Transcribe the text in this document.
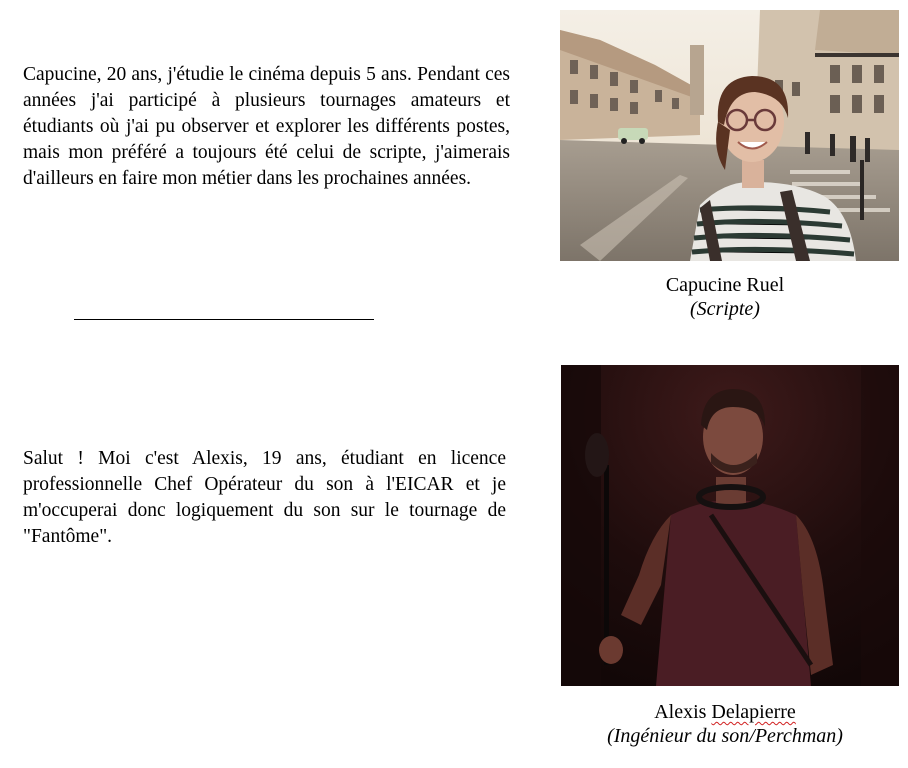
Capucine, 20 ans, j'étudie le cinéma depuis 5 ans. Pendant ces années j'ai participé à plusieurs tournages amateurs et étudiants où j'ai pu observer et explorer les différents postes, mais mon préféré a toujours été celui de scripte, j'aimerais d'ailleurs en faire mon métier dans les prochaines années.

Capucine Ruel
(Scripte)

Salut ! Moi c'est Alexis, 19 ans, étudiant en licence professionnelle Chef Opérateur du son à l'EICAR et je m'occuperai donc logiquement du son sur le tournage de "Fantôme".

Alexis Delapierre
(Ingénieur du son/Perchman)
